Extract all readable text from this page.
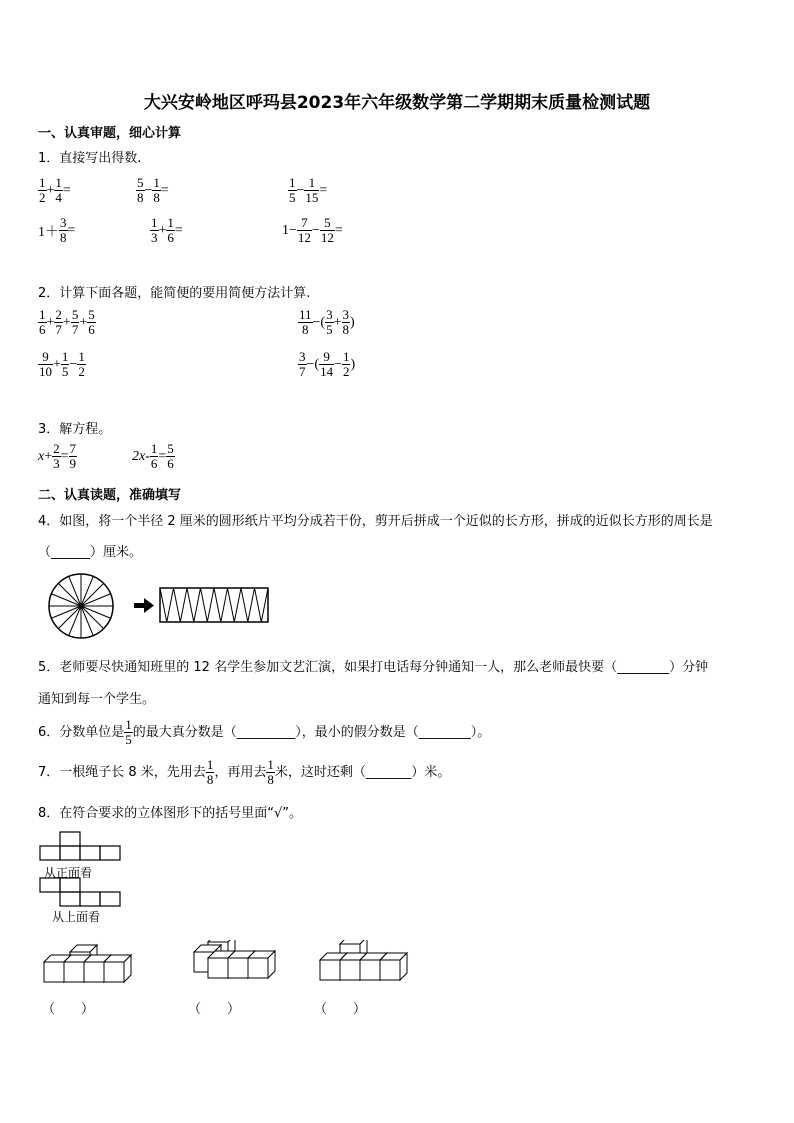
大兴安岭地区呼玛县2023年六年级数学第二学期期末质量检测试题
一、认真审题，细心计算
1．直接写出得数.
$\frac{1}{2} + \frac{1}{4}$ =	$\frac{5}{8} - \frac{1}{8}$ =	$\frac{1}{5} - \frac{1}{15}$ =
$1+ \frac{3}{8}$ =	$\frac{1}{3} + \frac{1}{6}$ =	$1- \frac{7}{12} - \frac{5}{12}$ =
2．计算下面各题，能简便的要用简便方法计算.
$\frac{1}{6} + \frac{2}{7} + \frac{5}{7} + \frac{5}{6}$	$\frac{11}{8}$ −( $\frac{3}{5} + \frac{3}{8}$ )
$\frac{9}{10} + \frac{1}{5} - \frac{1}{2}$	$\frac{3}{7}$ −( $\frac{9}{14} - \frac{1}{2}$ )
3．解方程。
$x+ \frac{2}{3} = \frac{7}{9}$	$2x- \frac{1}{6} = \frac{5}{6}$
二、认真读题，准确填写
4．如图，将一个半径 2 厘米的圆形纸片平均分成若干份，剪开后拼成一个近似的长方形，拼成的近似长方形的周长是
（______）厘米。
5．老师要尽快通知班里的 12 名学生参加文艺汇演，如果打电话每分钟通知一人，那么老师最快要（________）分钟
通知到每一个学生。
6．分数单位是 $\frac{1}{5}$ 的最大真分数是（_________），最小的假分数是（________）。
7．一根绳子长 8 米，先用去 $\frac{1}{8}$ ，再用去 $\frac{1}{8}$ 米，这时还剩（_______）米。
8．在符合要求的立体图形下的括号里面“√”。
从正面看
从上面看
（　　）	（　　）	（　　）
